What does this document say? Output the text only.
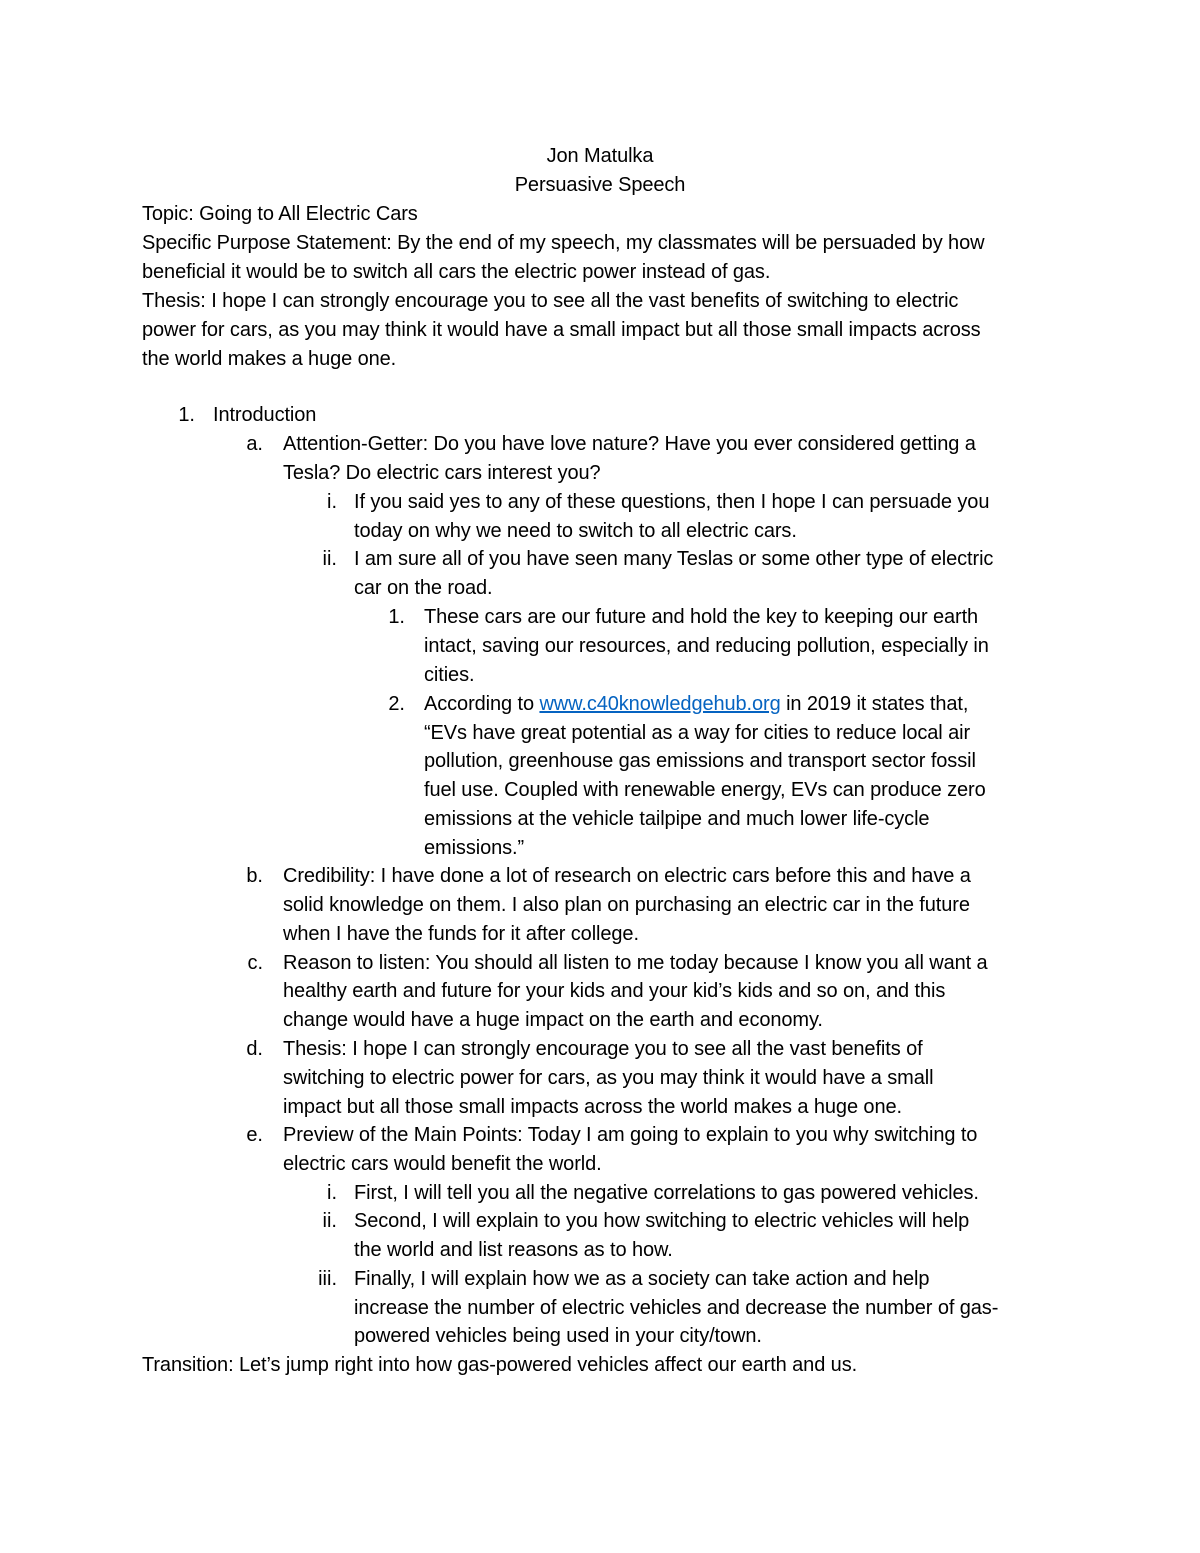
Jon Matulka
Persuasive Speech
Topic: Going to All Electric Cars
Specific Purpose Statement: By the end of my speech, my classmates will be persuaded by how
beneficial it would be to switch all cars the electric power instead of gas.
Thesis: I hope I can strongly encourage you to see all the vast benefits of switching to electric
power for cars, as you may think it would have a small impact but all those small impacts across
the world makes a huge one.
1. Introduction
a. Attention-Getter: Do you have love nature? Have you ever considered getting a
Tesla? Do electric cars interest you?
i. If you said yes to any of these questions, then I hope I can persuade you
today on why we need to switch to all electric cars.
ii. I am sure all of you have seen many Teslas or some other type of electric
car on the road.
1. These cars are our future and hold the key to keeping our earth
intact, saving our resources, and reducing pollution, especially in
cities.
2. According to www.c40knowledgehub.org in 2019 it states that,
“EVs have great potential as a way for cities to reduce local air
pollution, greenhouse gas emissions and transport sector fossil
fuel use. Coupled with renewable energy, EVs can produce zero
emissions at the vehicle tailpipe and much lower life-cycle
emissions.”
b. Credibility: I have done a lot of research on electric cars before this and have a
solid knowledge on them. I also plan on purchasing an electric car in the future
when I have the funds for it after college.
c. Reason to listen: You should all listen to me today because I know you all want a
healthy earth and future for your kids and your kid’s kids and so on, and this
change would have a huge impact on the earth and economy.
d. Thesis: I hope I can strongly encourage you to see all the vast benefits of
switching to electric power for cars, as you may think it would have a small
impact but all those small impacts across the world makes a huge one.
e. Preview of the Main Points: Today I am going to explain to you why switching to
electric cars would benefit the world.
i. First, I will tell you all the negative correlations to gas powered vehicles.
ii. Second, I will explain to you how switching to electric vehicles will help
the world and list reasons as to how.
iii. Finally, I will explain how we as a society can take action and help
increase the number of electric vehicles and decrease the number of gas-
powered vehicles being used in your city/town.
Transition: Let’s jump right into how gas-powered vehicles affect our earth and us.
